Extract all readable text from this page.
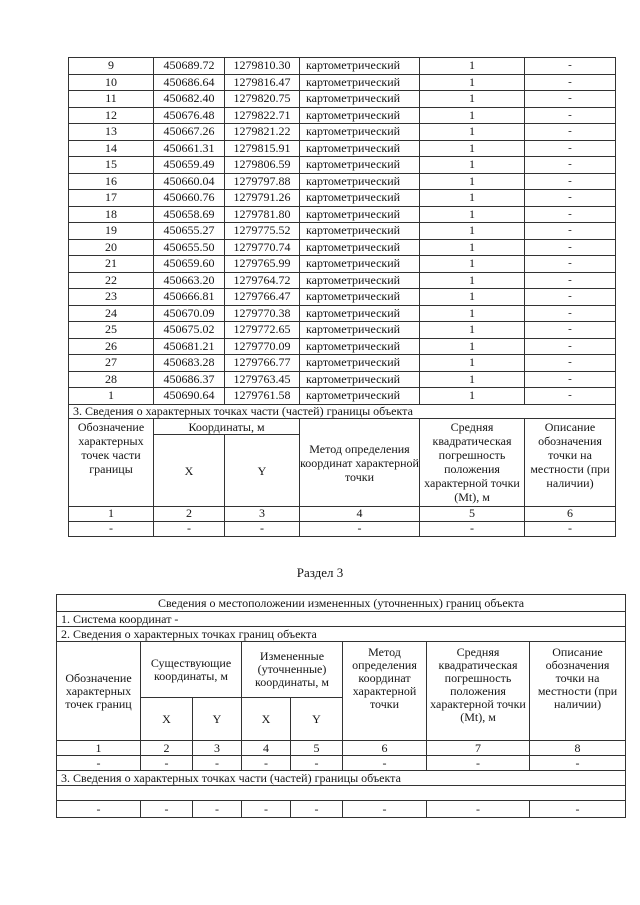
9	450689.72	1279810.30	картометрический	1	-
10	450686.64	1279816.47	картометрический	1	-
11	450682.40	1279820.75	картометрический	1	-
12	450676.48	1279822.71	картометрический	1	-
13	450667.26	1279821.22	картометрический	1	-
14	450661.31	1279815.91	картометрический	1	-
15	450659.49	1279806.59	картометрический	1	-
16	450660.04	1279797.88	картометрический	1	-
17	450660.76	1279791.26	картометрический	1	-
18	450658.69	1279781.80	картометрический	1	-
19	450655.27	1279775.52	картометрический	1	-
20	450655.50	1279770.74	картометрический	1	-
21	450659.60	1279765.99	картометрический	1	-
22	450663.20	1279764.72	картометрический	1	-
23	450666.81	1279766.47	картометрический	1	-
24	450670.09	1279770.38	картометрический	1	-
25	450675.02	1279772.65	картометрический	1	-
26	450681.21	1279770.09	картометрический	1	-
27	450683.28	1279766.77	картометрический	1	-
28	450686.37	1279763.45	картометрический	1	-
1	450690.64	1279761.58	картометрический	1	-
3. Сведения о характерных точках части (частей) границы объекта					
Обозначение характерных точек части границы	Координаты, м		Метод определения координат характерной точки	Средняя квадратическая погрешность положения характерной точки (Mt), м	Описание обозначения точки на местности (при наличии)
	X	Y			
1	2	3	4	5	6
-	-	-	-	-	-
Раздел 3
Сведения о местоположении измененных (уточненных) границ объекта							
1. Система координат -							
2. Сведения о характерных точках границ объекта							
Обозначение характерных точек границ	Существующие координаты, м		Измененные (уточненные) координаты, м		Метод определения координат характерной точки	Средняя квадратическая погрешность положения характерной точки (Mt), м	Описание обозначения точки на местности (при наличии)
	X	Y	X	Y			
1	2	3	4	5	6	7	8
-	-	-	-	-	-	-	-
3. Сведения о характерных точках части (частей) границы объекта							

-	-	-	-	-	-	-	-
